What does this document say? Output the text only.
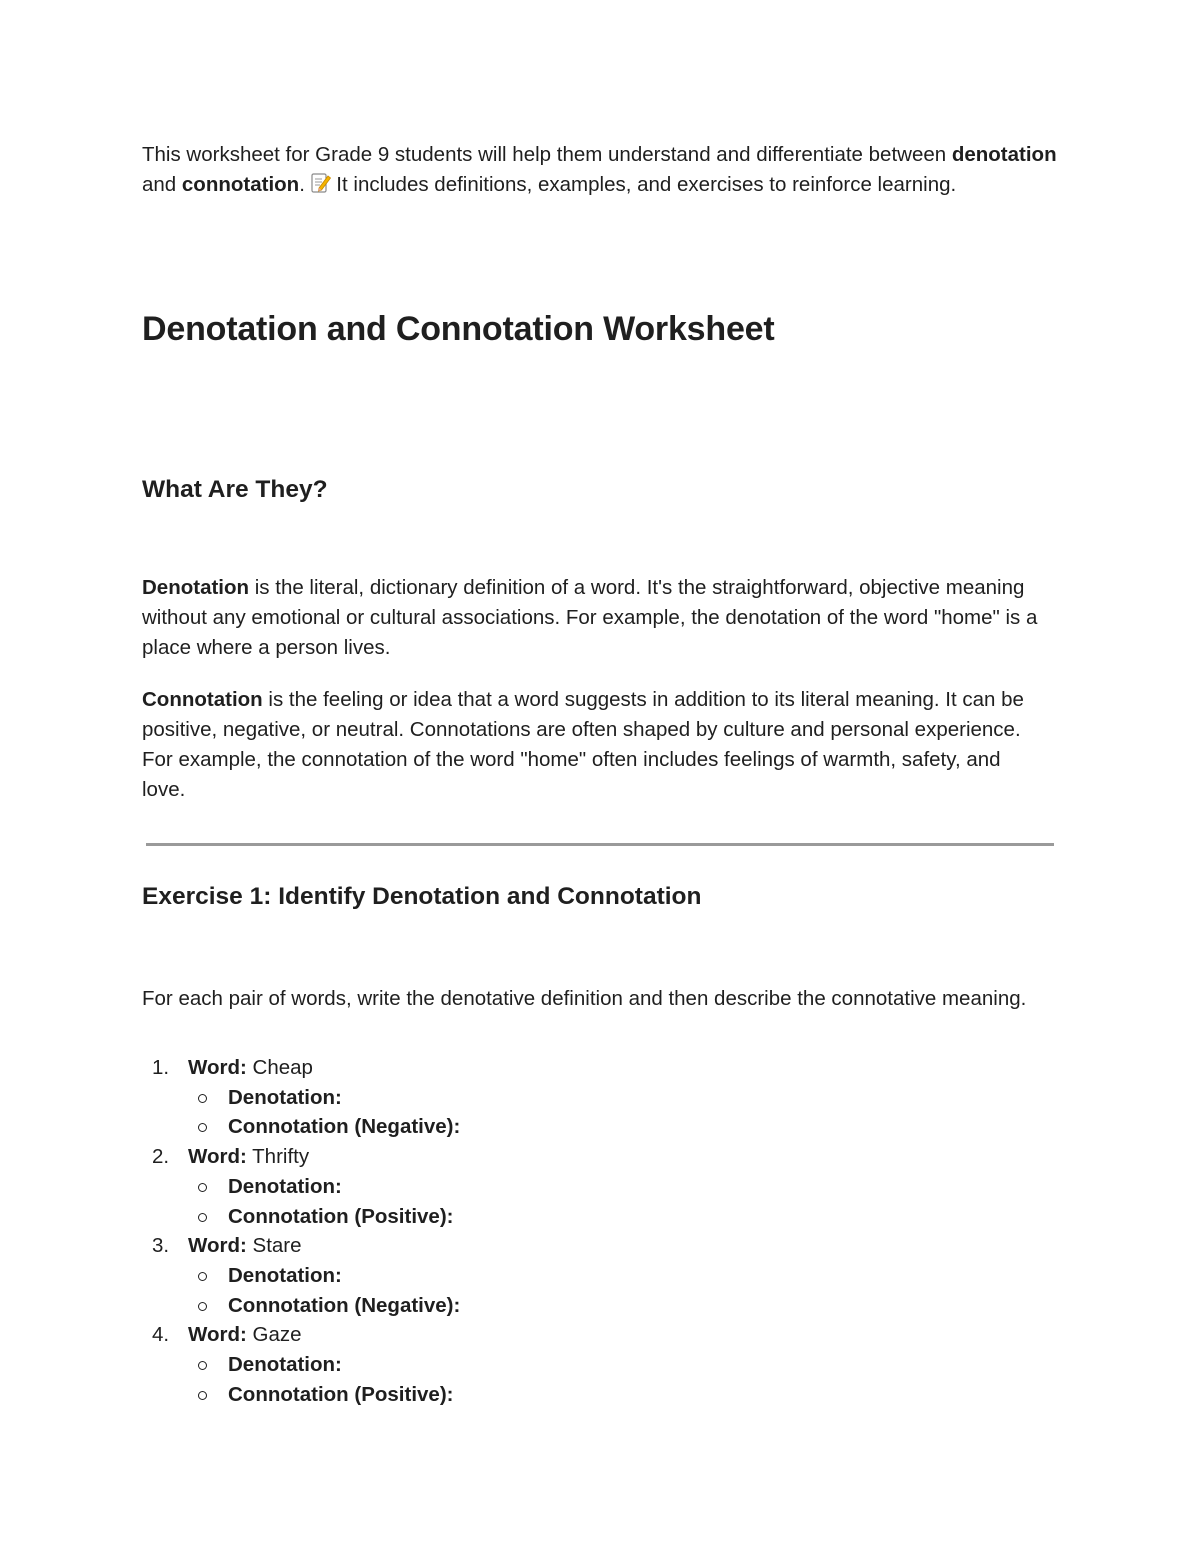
This worksheet for Grade 9 students will help them understand and differentiate between denotation and connotation.  It includes definitions, examples, and exercises to reinforce learning.

Denotation and Connotation Worksheet
What Are They?

Denotation is the literal, dictionary definition of a word. It's the straightforward, objective meaning without any emotional or cultural associations. For example, the denotation of the word "home" is a place where a person lives.

Connotation is the feeling or idea that a word suggests in addition to its literal meaning. It can be positive, negative, or neutral. Connotations are often shaped by culture and personal experience. For example, the connotation of the word "home" often includes feelings of warmth, safety, and love.

Exercise 1: Identify Denotation and Connotation

For each pair of words, write the denotative definition and then describe the connotative meaning.

1. Word: Cheap
Denotation:
Connotation (Negative):
2. Word: Thrifty
Denotation:
Connotation (Positive):
3. Word: Stare
Denotation:
Connotation (Negative):
4. Word: Gaze
Denotation:
Connotation (Positive):
